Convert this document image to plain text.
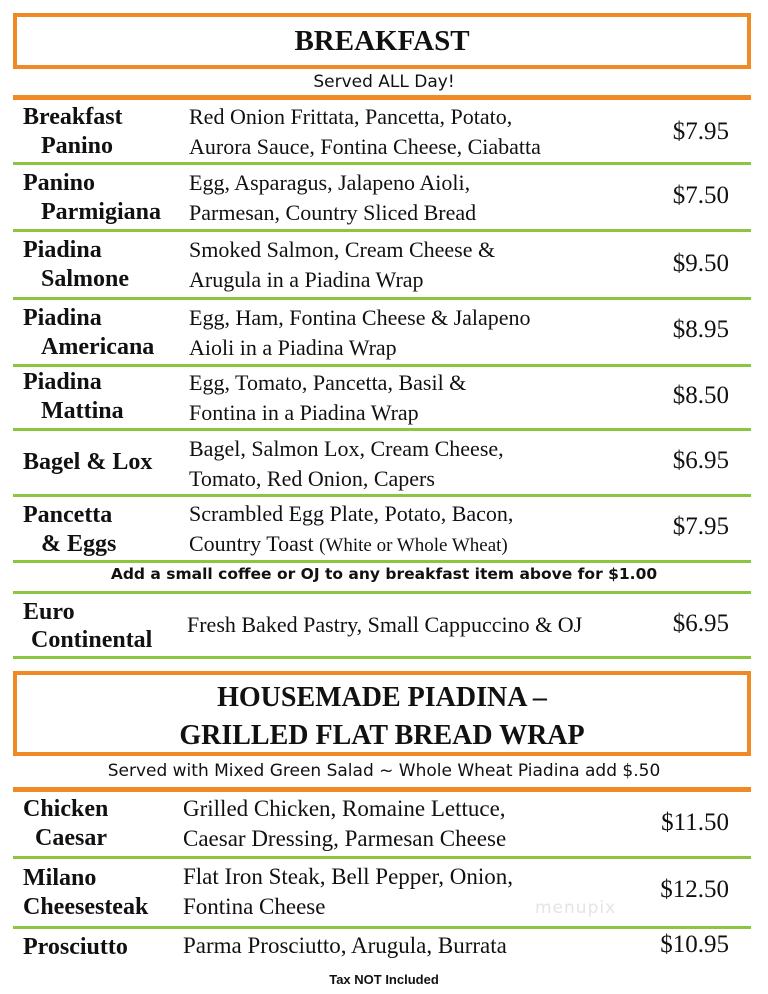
BREAKFAST
Served ALL Day!
Breakfast
Panino
Red Onion Frittata, Pancetta, Potato,
Aurora Sauce, Fontina Cheese, Ciabatta
$7.95
Panino
Parmigiana
Egg, Asparagus, Jalapeno Aioli,
Parmesan, Country Sliced Bread
$7.50
Piadina
Salmone
Smoked Salmon, Cream Cheese &
Arugula in a Piadina Wrap
$9.50
Piadina
Americana
Egg, Ham, Fontina Cheese & Jalapeno
Aioli in a Piadina Wrap
$8.95
Piadina
Mattina
Egg, Tomato, Pancetta, Basil &
Fontina in a Piadina Wrap
$8.50
Bagel & Lox
Bagel, Salmon Lox, Cream Cheese,
Tomato, Red Onion, Capers
$6.95
Pancetta
& Eggs
Scrambled Egg Plate, Potato, Bacon,
Country Toast (White or Whole Wheat)
$7.95
Add a small coffee or OJ to any breakfast item above for $1.00
Euro
Continental
Fresh Baked Pastry, Small Cappuccino & OJ	$6.95
HOUSEMADE PIADINA –
GRILLED FLAT BREAD WRAP
Served with Mixed Green Salad ~ Whole Wheat Piadina add $.50
Chicken
Caesar
Grilled Chicken, Romaine Lettuce,
Caesar Dressing, Parmesan Cheese
$11.50
Milano
Cheesesteak
Flat Iron Steak, Bell Pepper, Onion,
Fontina Cheese
$12.50
Prosciutto Parma Prosciutto, Arugula, Burrata	$10.95
Tax NOT Included
menupix
